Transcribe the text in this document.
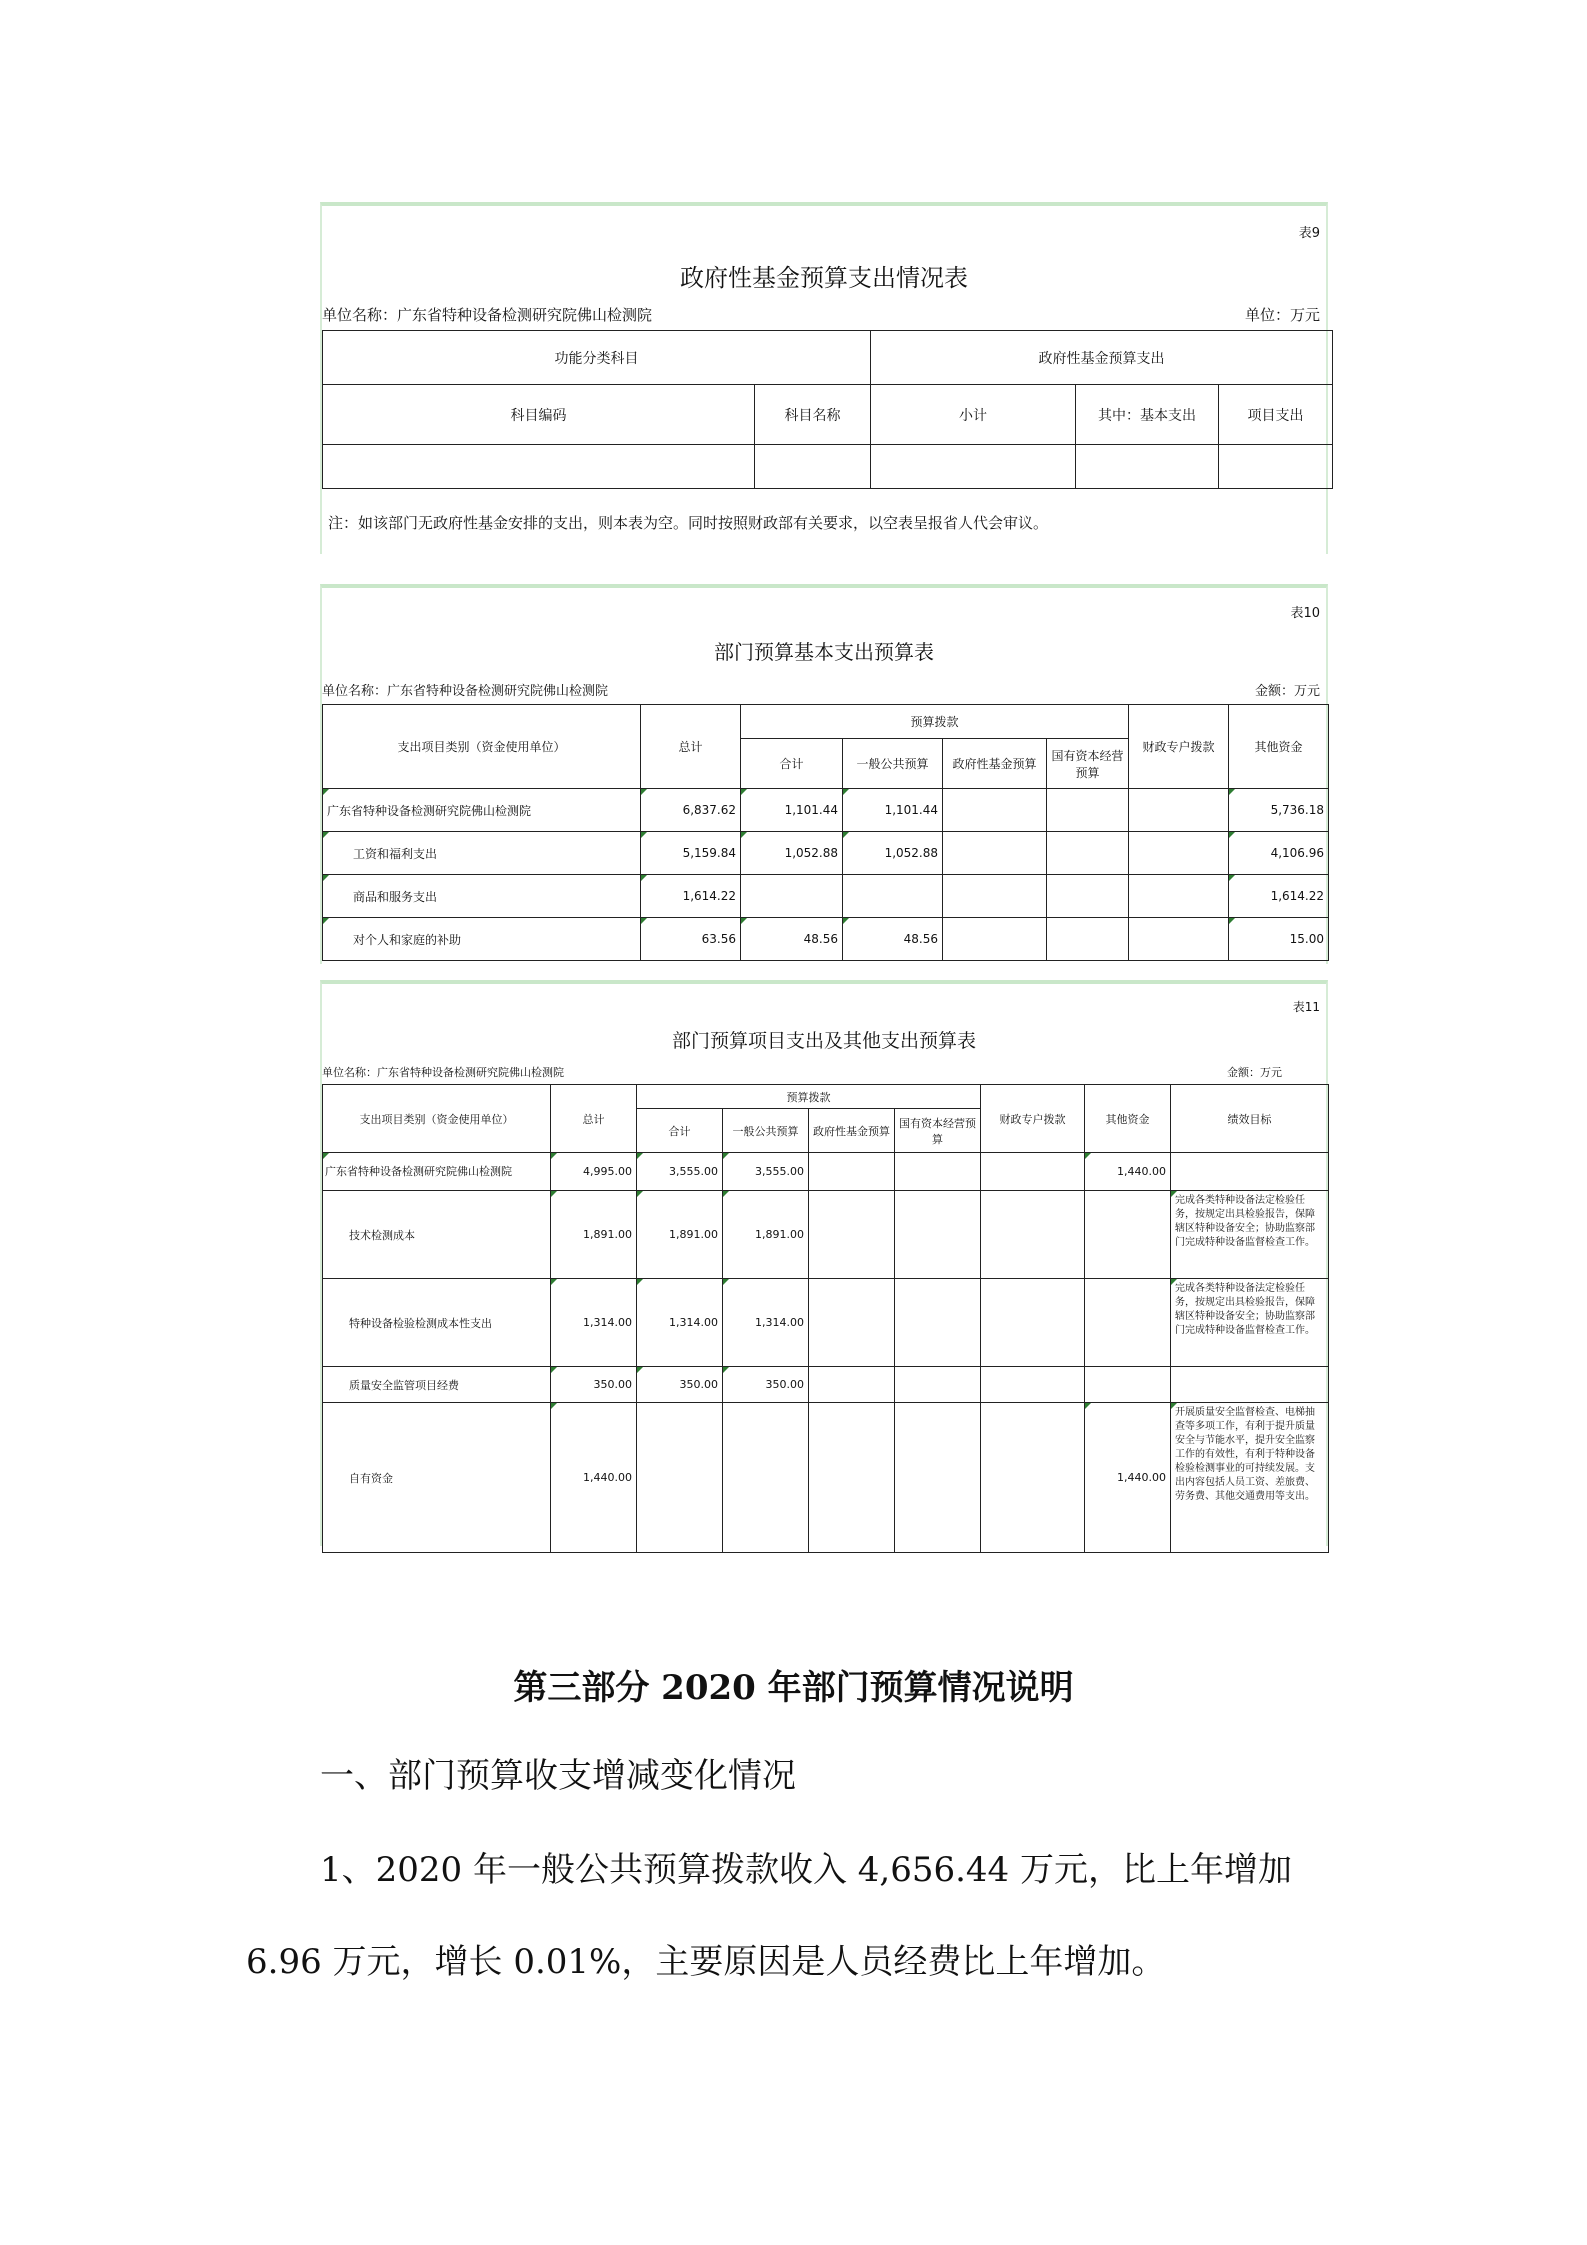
表9
政府性基金预算支出情况表
单位名称：广东省特种设备检测研究院佛山检测院	单位：万元
功能分类科目		政府性基金预算支出		
科目编码	科目名称	小计	其中：基本支出	项目支出

注：如该部门无政府性基金安排的支出，则本表为空。同时按照财政部有关要求，以空表呈报省人代会审议。
表10
部门预算基本支出预算表
单位名称：广东省特种设备检测研究院佛山检测院	金额：万元
支出项目类别（资金使用单位）	总计	预算拨款				财政专户拨款	其他资金
		合计	一般公共预算	政府性基金预算	国有资本经营预算		
广东省特种设备检测研究院佛山检测院	6,837.62	1,101.44	1,101.44				5,736.18
工资和福利支出	5,159.84	1,052.88	1,052.88				4,106.96
商品和服务支出	1,614.22						1,614.22
对个人和家庭的补助	63.56	48.56	48.56				15.00
表11
部门预算项目支出及其他支出预算表
单位名称：广东省特种设备检测研究院佛山检测院	金额：万元
支出项目类别（资金使用单位）	总计	预算拨款				财政专户拨款	其他资金	绩效目标
		合计	一般公共预算	政府性基金预算	国有资本经营预算			
广东省特种设备检测研究院佛山检测院	4,995.00	3,555.00	3,555.00				1,440.00	
技术检测成本	1,891.00	1,891.00	1,891.00					完成各类特种设备法定检验任务，按规定出具检验报告，保障辖区特种设备安全；协助监察部门完成特种设备监督检查工作。
特种设备检验检测成本性支出	1,314.00	1,314.00	1,314.00					完成各类特种设备法定检验任务，按规定出具检验报告，保障辖区特种设备安全；协助监察部门完成特种设备监督检查工作。
质量安全监管项目经费	350.00	350.00	350.00					
自有资金	1,440.00						1,440.00	开展质量安全监督检查、电梯抽查等多项工作，有利于提升质量安全与节能水平，提升安全监察工作的有效性，有利于特种设备检验检测事业的可持续发展。支出内容包括人员工资、差旅费、劳务费、其他交通费用等支出。
第三部分 2020 年部门预算情况说明
一、部门预算收支增减变化情况
1、2020 年一般公共预算拨款收入 4,656.44 万元，比上年增加
6.96 万元，增长 0.01%，主要原因是人员经费比上年增加。
